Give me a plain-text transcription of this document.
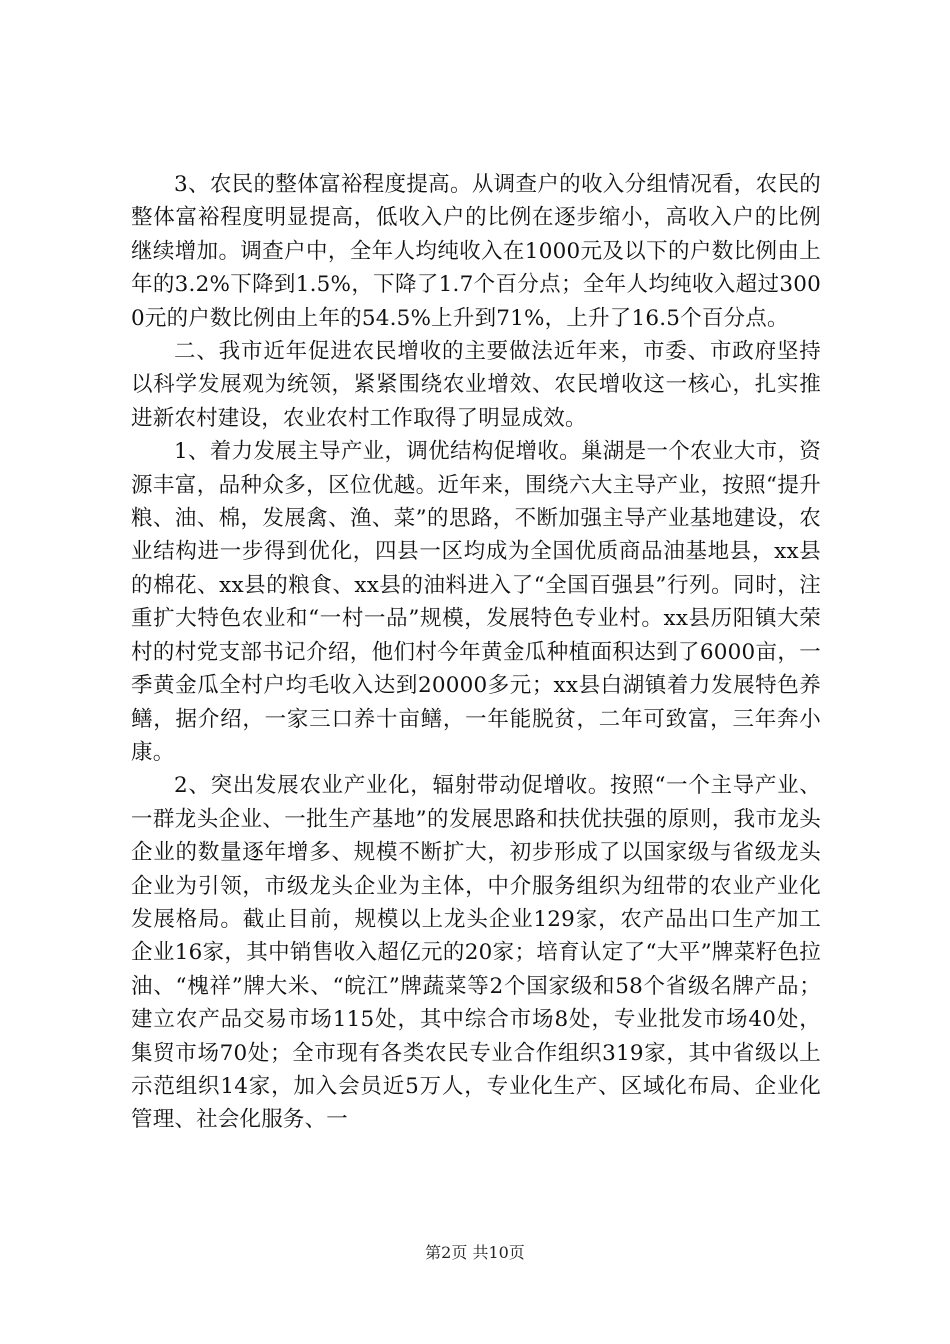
3、农民的整体富裕程度提高。从调查户的收入分组情况看，农民的整体富裕程度明显提高，低收入户的比例在逐步缩小，高收入户的比例继续增加。调查户中，全年人均纯收入在1000元及以下的户数比例由上年的3.2%下降到1.5%，下降了1.7个百分点；全年人均纯收入超过3000元的户数比例由上年的54.5%上升到71%，上升了16.5个百分点。

二、我市近年促进农民增收的主要做法近年来，市委、市政府坚持以科学发展观为统领，紧紧围绕农业增效、农民增收这一核心，扎实推进新农村建设，农业农村工作取得了明显成效。

1、着力发展主导产业，调优结构促增收。巢湖是一个农业大市，资源丰富，品种众多，区位优越。近年来，围绕六大主导产业，按照“提升粮、油、棉，发展禽、渔、菜”的思路，不断加强主导产业基地建设，农业结构进一步得到优化，四县一区均成为全国优质商品油基地县，xx县的棉花、xx县的粮食、xx县的油料进入了“全国百强县”行列。同时，注重扩大特色农业和“一村一品”规模，发展特色专业村。xx县历阳镇大荣村的村党支部书记介绍，他们村今年黄金瓜种植面积达到了6000亩，一季黄金瓜全村户均毛收入达到20000多元；xx县白湖镇着力发展特色养鳝，据介绍，一家三口养十亩鳝，一年能脱贫，二年可致富，三年奔小康。

2、突出发展农业产业化，辐射带动促增收。按照“一个主导产业、一群龙头企业、一批生产基地”的发展思路和扶优扶强的原则，我市龙头企业的数量逐年增多、规模不断扩大，初步形成了以国家级与省级龙头企业为引领，市级龙头企业为主体，中介服务组织为纽带的农业产业化发展格局。截止目前，规模以上龙头企业129家，农产品出口生产加工企业16家，其中销售收入超亿元的20家；培育认定了“大平”牌菜籽色拉油、“槐祥”牌大米、“皖江”牌蔬菜等2个国家级和58个省级名牌产品；建立农产品交易市场115处，其中综合市场8处，专业批发市场40处，集贸市场70处；全市现有各类农民专业合作组织319家，其中省级以上示范组织14家，加入会员近5万人，专业化生产、区域化布局、企业化管理、社会化服务、一

第2页 共10页
